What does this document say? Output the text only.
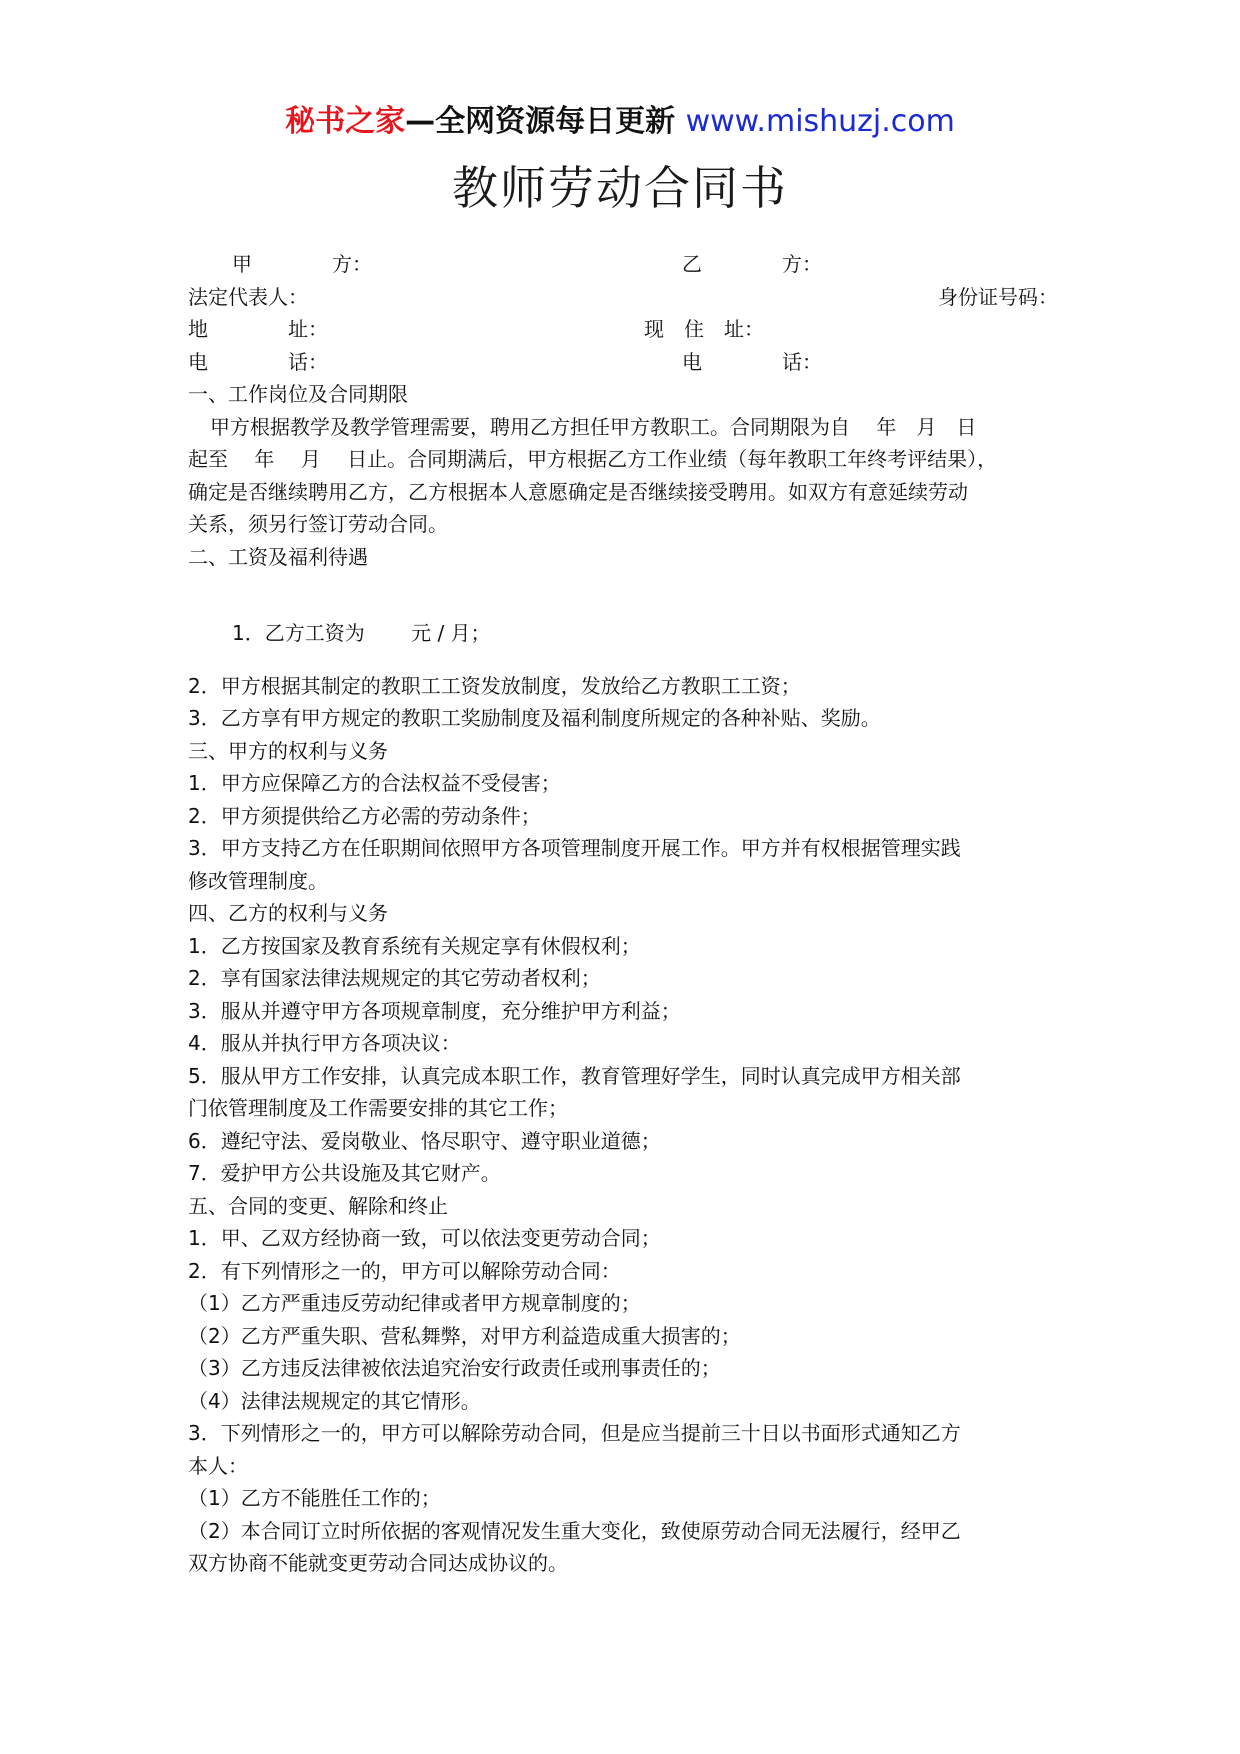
秘书之家—全网资源每日更新 www.mishuzj.com
教师劳动合同书
甲　　　　方：	乙　　　　方：
法定代表人：	身份证号码：
地　　　　址：	现　住　址：
电　　　　话：	电　　　　话：
一、工作岗位及合同期限
甲方根据教学及教学管理需要，聘用乙方担任甲方教职工。合同期限为自　 年　月　日
起至　 年　 月　 日止。合同期满后，甲方根据乙方工作业绩（每年教职工年终考评结果），
确定是否继续聘用乙方，乙方根据本人意愿确定是否继续接受聘用。如双方有意延续劳动
关系，须另行签订劳动合同。
二、工资及福利待遇
1．乙方工资为　　 元 / 月；
2．甲方根据其制定的教职工工资发放制度，发放给乙方教职工工资；
3．乙方享有甲方规定的教职工奖励制度及福利制度所规定的各种补贴、奖励。
三、甲方的权利与义务
1．甲方应保障乙方的合法权益不受侵害；
2．甲方须提供给乙方必需的劳动条件；
3．甲方支持乙方在任职期间依照甲方各项管理制度开展工作。甲方并有权根据管理实践
修改管理制度。
四、乙方的权利与义务
1．乙方按国家及教育系统有关规定享有休假权利；
2．享有国家法律法规规定的其它劳动者权利；
3．服从并遵守甲方各项规章制度，充分维护甲方利益；
4．服从并执行甲方各项决议：
5．服从甲方工作安排，认真完成本职工作，教育管理好学生，同时认真完成甲方相关部
门依管理制度及工作需要安排的其它工作；
6．遵纪守法、爱岗敬业、恪尽职守、遵守职业道德；
7．爱护甲方公共设施及其它财产。
五、合同的变更、解除和终止
1．甲、乙双方经协商一致，可以依法变更劳动合同；
2．有下列情形之一的，甲方可以解除劳动合同：
（1）乙方严重违反劳动纪律或者甲方规章制度的；
（2）乙方严重失职、营私舞弊，对甲方利益造成重大损害的；
（3）乙方违反法律被依法追究治安行政责任或刑事责任的；
（4）法律法规规定的其它情形。
3．下列情形之一的，甲方可以解除劳动合同，但是应当提前三十日以书面形式通知乙方
本人：
（1）乙方不能胜任工作的；
（2）本合同订立时所依据的客观情况发生重大变化，致使原劳动合同无法履行，经甲乙
双方协商不能就变更劳动合同达成协议的。
